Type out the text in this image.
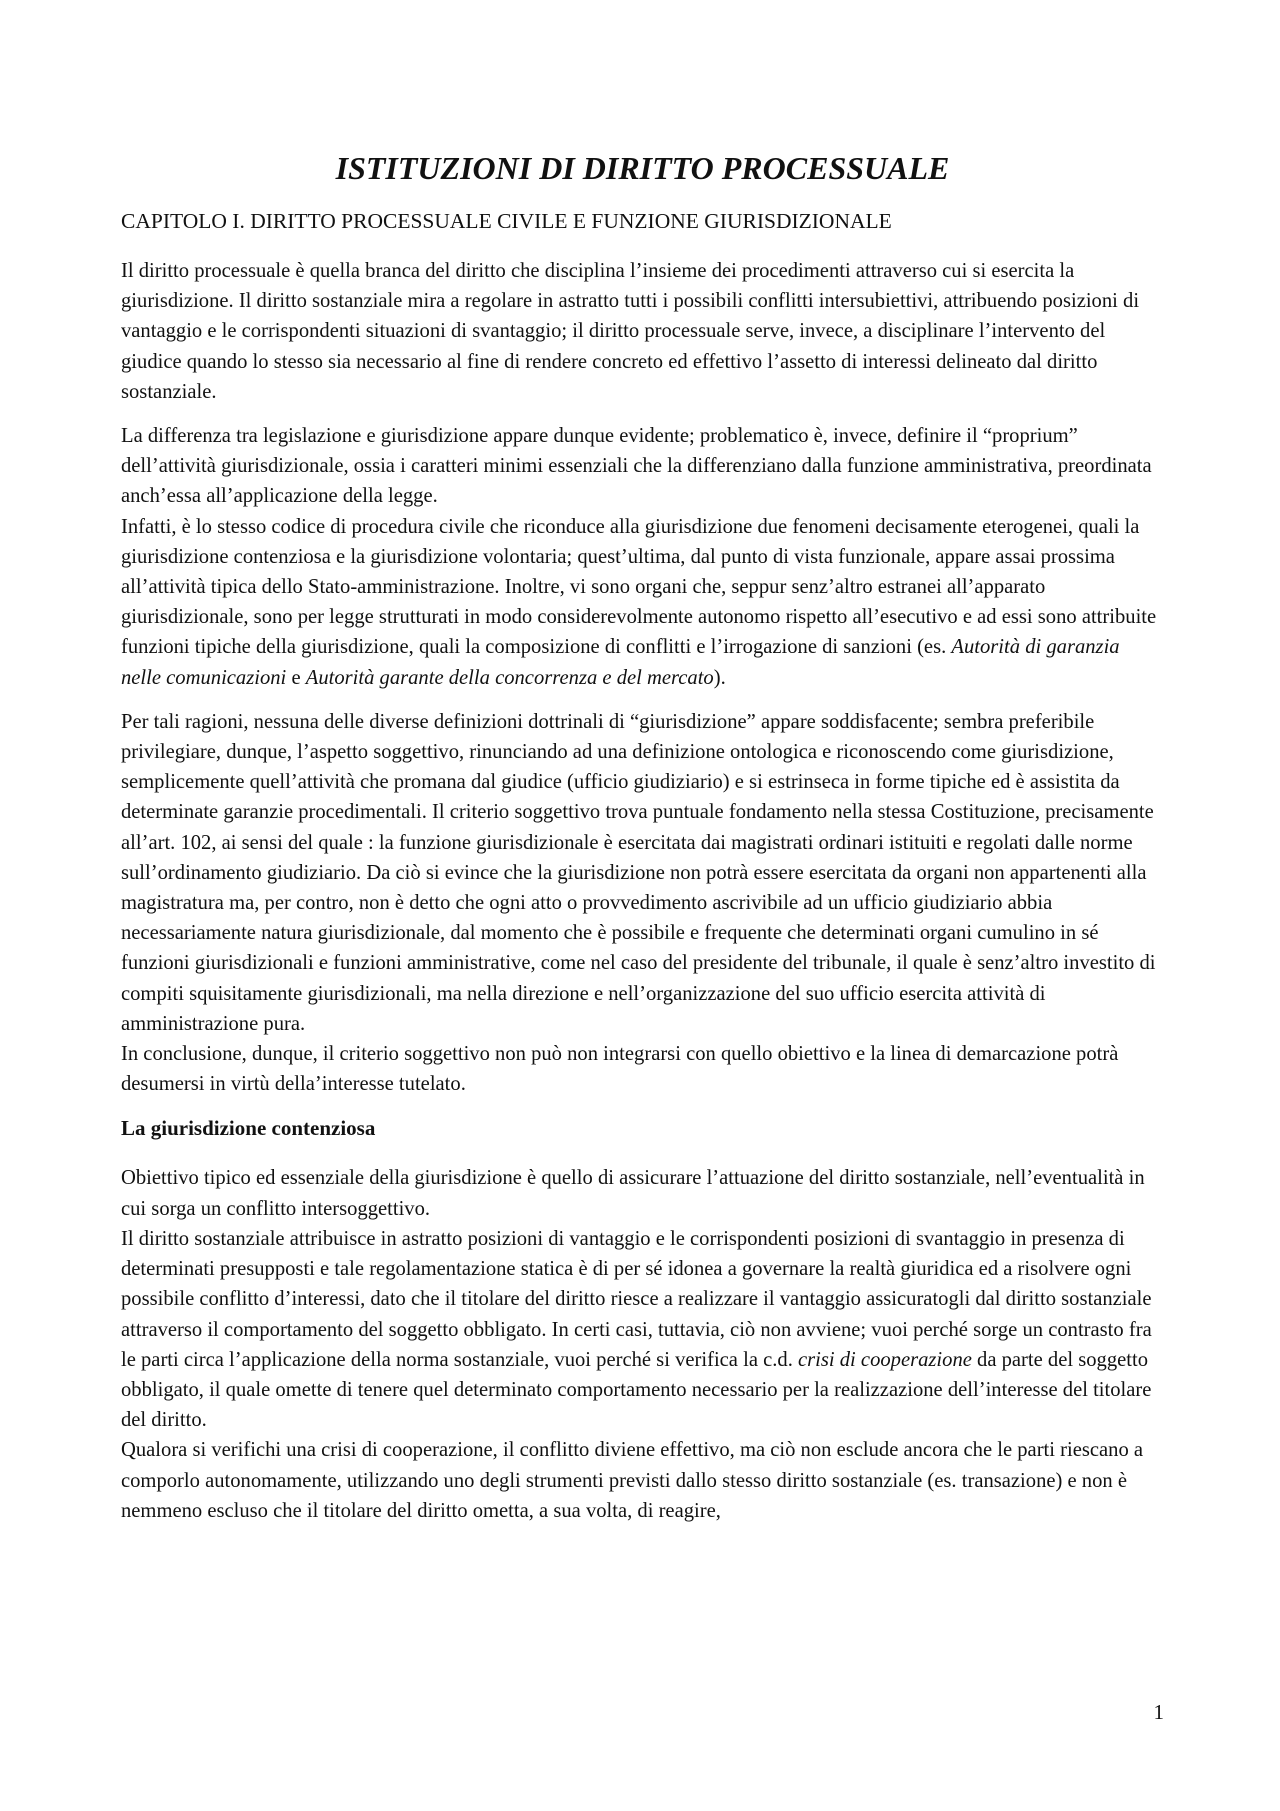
ISTITUZIONI DI DIRITTO PROCESSUALE
CAPITOLO I. DIRITTO PROCESSUALE CIVILE E FUNZIONE GIURISDIZIONALE

Il diritto processuale è quella branca del diritto che disciplina l’insieme dei procedimenti attraverso cui si esercita la giurisdizione. Il diritto sostanziale mira a regolare in astratto tutti i possibili conflitti intersubiettivi, attribuendo posizioni di vantaggio e le corrispondenti situazioni di svantaggio; il diritto processuale serve, invece, a disciplinare l’intervento del giudice quando lo stesso sia necessario al fine di rendere concreto ed effettivo l’assetto di interessi delineato dal diritto sostanziale.

La differenza tra legislazione e giurisdizione appare dunque evidente; problematico è, invece, definire il “proprium” dell’attività giurisdizionale, ossia i caratteri minimi essenziali che la differenziano dalla funzione amministrativa, preordinata anch’essa all’applicazione della legge.

Infatti, è lo stesso codice di procedura civile che riconduce alla giurisdizione due fenomeni decisamente eterogenei, quali la giurisdizione contenziosa e la giurisdizione volontaria; quest’ultima, dal punto di vista funzionale, appare assai prossima all’attività tipica dello Stato-amministrazione. Inoltre, vi sono organi che, seppur senz’altro estranei all’apparato giurisdizionale, sono per legge strutturati in modo considerevolmente autonomo rispetto all’esecutivo e ad essi sono attribuite funzioni tipiche della giurisdizione, quali la composizione di conflitti e l’irrogazione di sanzioni (es. Autorità di garanzia nelle comunicazioni e Autorità garante della concorrenza e del mercato).

Per tali ragioni, nessuna delle diverse definizioni dottrinali di “giurisdizione” appare soddisfacente; sembra preferibile privilegiare, dunque, l’aspetto soggettivo, rinunciando ad una definizione ontologica e riconoscendo come giurisdizione, semplicemente quell’attività che promana dal giudice (ufficio giudiziario) e si estrinseca in forme tipiche ed è assistita da determinate garanzie procedimentali. Il criterio soggettivo trova puntuale fondamento nella stessa Costituzione, precisamente all’art. 102, ai sensi del quale : la funzione giurisdizionale è esercitata dai magistrati ordinari istituiti e regolati dalle norme sull’ordinamento giudiziario. Da ciò si evince che la giurisdizione non potrà essere esercitata da organi non appartenenti alla magistratura ma, per contro, non è detto che ogni atto o provvedimento ascrivibile ad un ufficio giudiziario abbia necessariamente natura giurisdizionale, dal momento che è possibile e frequente che determinati organi cumulino in sé funzioni giurisdizionali e funzioni amministrative, come nel caso del presidente del tribunale, il quale è senz’altro investito di compiti squisitamente giurisdizionali, ma nella direzione e nell’organizzazione del suo ufficio esercita attività di amministrazione pura.

In conclusione, dunque, il criterio soggettivo non può non integrarsi con quello obiettivo e la linea di demarcazione potrà desumersi in virtù della’interesse tutelato.

La giurisdizione contenziosa

Obiettivo tipico ed essenziale della giurisdizione è quello di assicurare l’attuazione del diritto sostanziale, nell’eventualità in cui sorga un conflitto intersoggettivo.

Il diritto sostanziale attribuisce in astratto posizioni di vantaggio e le corrispondenti posizioni di svantaggio in presenza di determinati presupposti e tale regolamentazione statica è di per sé idonea a governare la realtà giuridica ed a risolvere ogni possibile conflitto d’interessi, dato che il titolare del diritto riesce a realizzare il vantaggio assicuratogli dal diritto sostanziale attraverso il comportamento del soggetto obbligato. In certi casi, tuttavia, ciò non avviene; vuoi perché sorge un contrasto fra le parti circa l’applicazione della norma sostanziale, vuoi perché si verifica la c.d. crisi di cooperazione da parte del soggetto obbligato, il quale omette di tenere quel determinato comportamento necessario per la realizzazione dell’interesse del titolare del diritto.

Qualora si verifichi una crisi di cooperazione, il conflitto diviene effettivo, ma ciò non esclude ancora che le parti riescano a comporlo autonomamente, utilizzando uno degli strumenti previsti dallo stesso diritto sostanziale (es. transazione) e non è nemmeno escluso che il titolare del diritto ometta, a sua volta, di reagire,

1
